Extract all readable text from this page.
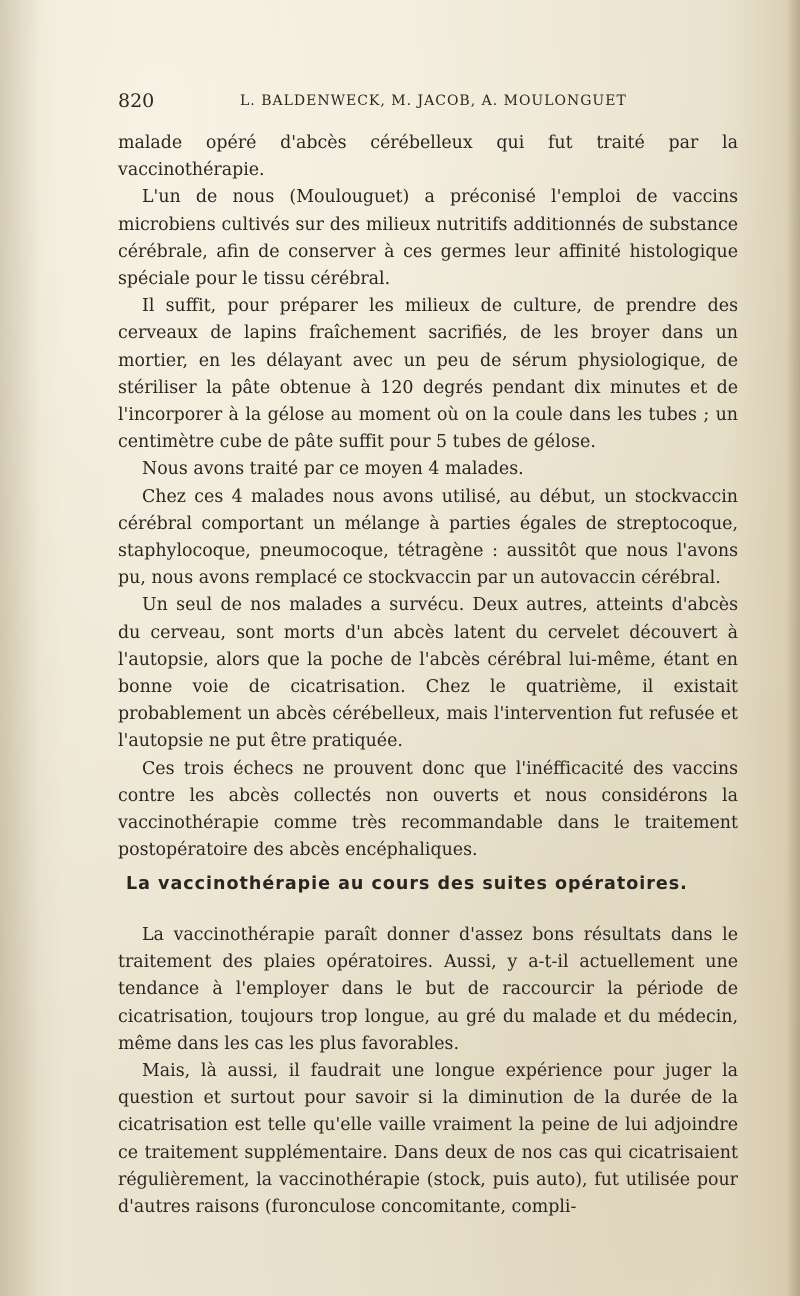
820	L. BALDENWECK, M. JACOB, A. MOULONGUET

malade opéré d'abcès cérébelleux qui fut traité par la vaccinothérapie.

L'un de nous (Moulouguet) a préconisé l'emploi de vaccins microbiens cultivés sur des milieux nutritifs additionnés de substance cérébrale, afin de conserver à ces germes leur affinité histologique spéciale pour le tissu cérébral.

Il suffit, pour préparer les milieux de culture, de prendre des cerveaux de lapins fraîchement sacrifiés, de les broyer dans un mortier, en les délayant avec un peu de sérum physiologique, de stériliser la pâte obtenue à 120 degrés pendant dix minutes et de l'incorporer à la gélose au moment où on la coule dans les tubes ; un centimètre cube de pâte suffit pour 5 tubes de gélose.

Nous avons traité par ce moyen 4 malades.

Chez ces 4 malades nous avons utilisé, au début, un stockvaccin cérébral comportant un mélange à parties égales de streptocoque, staphylocoque, pneumocoque, tétragène : aussitôt que nous l'avons pu, nous avons remplacé ce stockvaccin par un autovaccin cérébral.

Un seul de nos malades a survécu. Deux autres, atteints d'abcès du cerveau, sont morts d'un abcès latent du cervelet découvert à l'autopsie, alors que la poche de l'abcès cérébral lui-même, étant en bonne voie de cicatrisation. Chez le quatrième, il existait probablement un abcès cérébelleux, mais l'intervention fut refusée et l'autopsie ne put être pratiquée.

Ces trois échecs ne prouvent donc que l'inéfficacité des vaccins contre les abcès collectés non ouverts et nous considérons la vaccinothérapie comme très recommandable dans le traitement postopératoire des abcès encéphaliques.

La vaccinothérapie au cours des suites opératoires.

La vaccinothérapie paraît donner d'assez bons résultats dans le traitement des plaies opératoires. Aussi, y a-t-il actuellement une tendance à l'employer dans le but de raccourcir la période de cicatrisation, toujours trop longue, au gré du malade et du médecin, même dans les cas les plus favorables.

Mais, là aussi, il faudrait une longue expérience pour juger la question et surtout pour savoir si la diminution de la durée de la cicatrisation est telle qu'elle vaille vraiment la peine de lui adjoindre ce traitement supplémentaire. Dans deux de nos cas qui cicatrisaient régulièrement, la vaccinothérapie (stock, puis auto), fut utilisée pour d'autres raisons (furonculose concomitante, compli-
